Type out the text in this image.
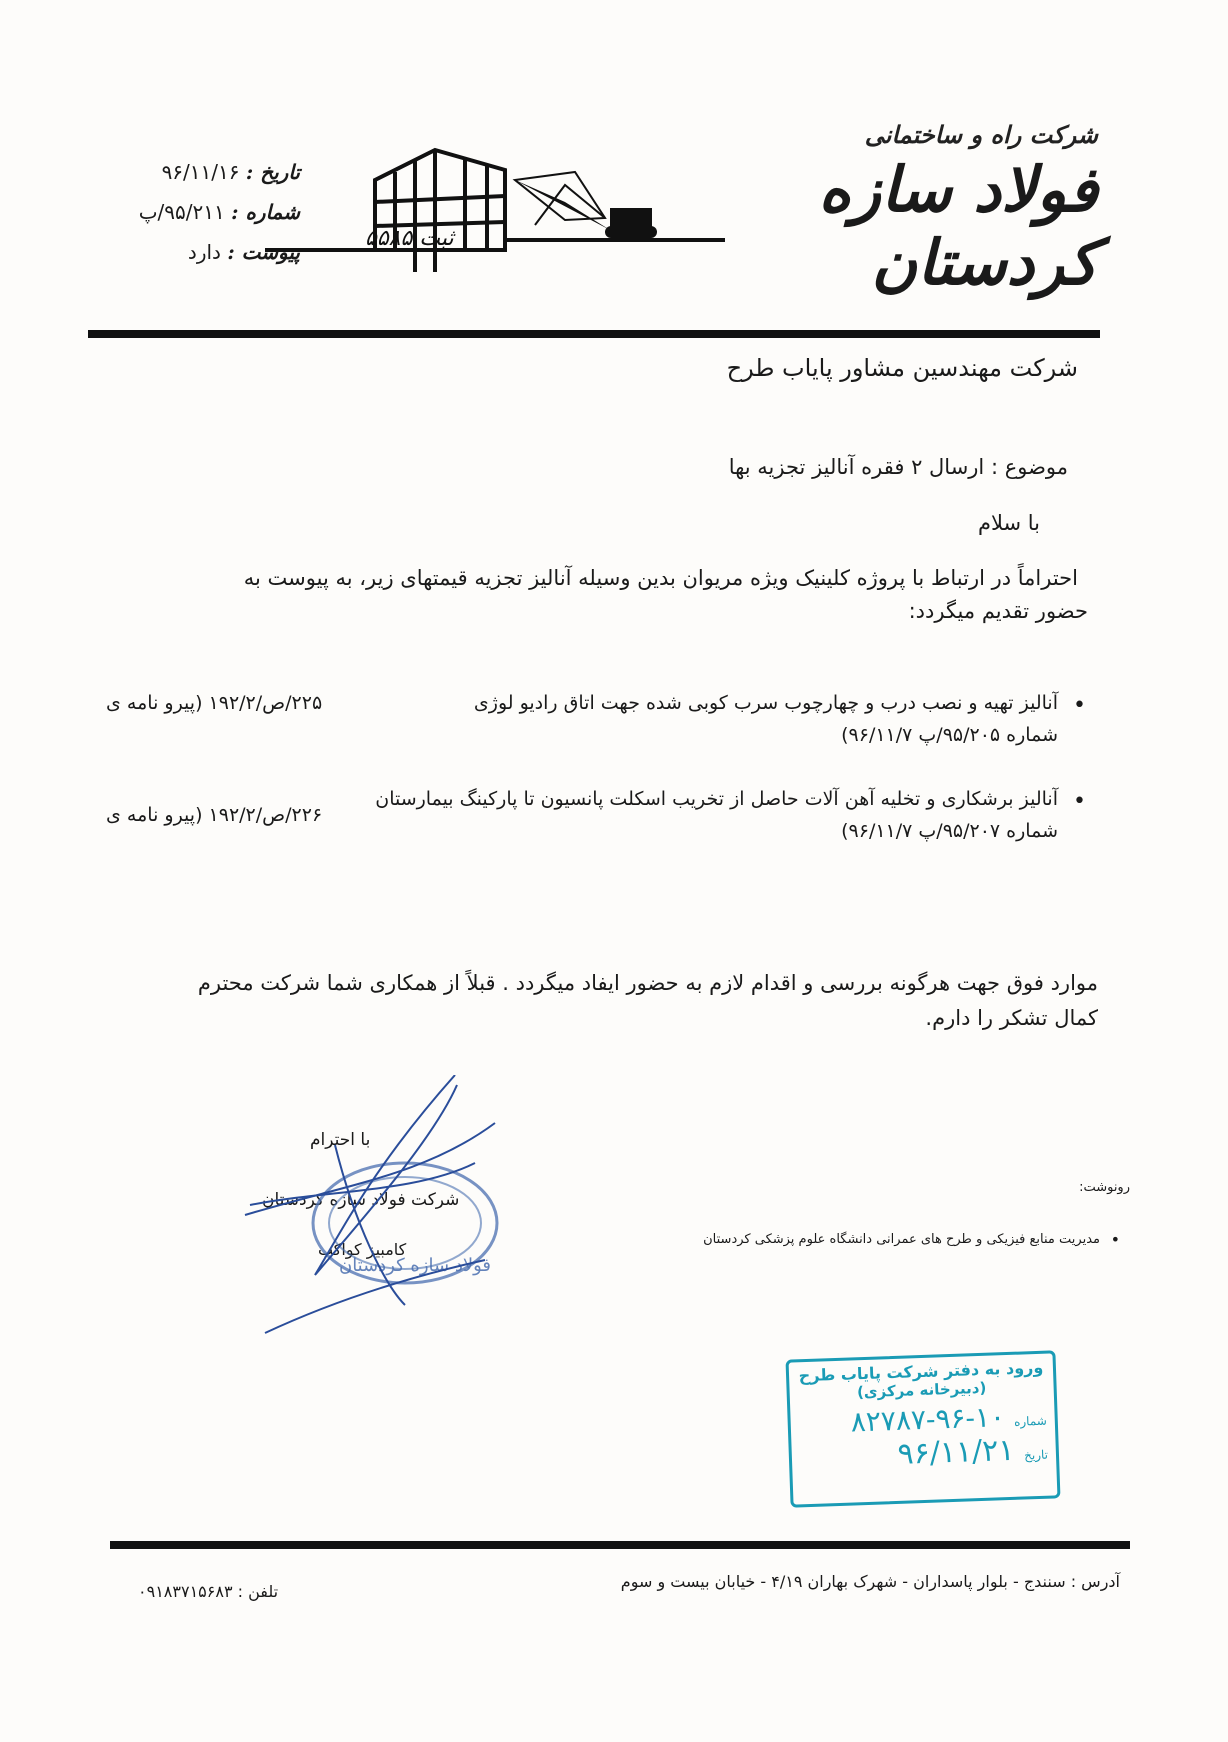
شرکت راه و ساختمانی
فولاد سازه کردستان
ثبت ۵۵۸۵
تاریخ : ۹۶/۱۱/۱۶
شماره : ۹۵/۲۱۱/پ
پیوست : دارد
شرکت مهندسین مشاور پایاب طرح
موضوع : ارسال ۲ فقره آنالیز تجزیه بها
با سلام
احتراماً در ارتباط با پروژه کلینیک ویژه مریوان بدین وسیله آنالیز تجزیه قیمتهای زیر، به پیوست به
حضور تقدیم میگردد:
•
آنالیز تهیه و نصب درب و چهارچوب سرب کوبی شده جهت اتاق رادیو لوژی
۲۲۵/ص/۱۹۲/۲ (پیرو نامه ی
شماره ۹۵/۲۰۵/پ ۹۶/۱۱/۷)
•
آنالیز برشکاری و تخلیه آهن آلات حاصل از تخریب اسکلت پانسیون تا پارکینگ بیمارستان
۲۲۶/ص/۱۹۲/۲ (پیرو نامه ی
شماره ۹۵/۲۰۷/پ ۹۶/۱۱/۷)
موارد فوق جهت هرگونه بررسی و اقدام لازم به حضور ایفاد میگردد . قبلاً از همکاری شما شرکت محترم
کمال تشکر را دارم.
با احترام
شرکت فولاد سازه کردستان
کامبیز کواکب
فولاد سازه کردستان
رونوشت:
•
مدیریت منابع فیزیکی و طرح های عمرانی دانشگاه علوم پزشکی کردستان
ورود به دفتر شرکت پایاب طرح
(دبیرخانه مرکزی)
شماره ۱۰-۹۶-۸۲۷۸۷
تاریخ ۹۶/۱۱/۲۱
آدرس : سنندج - بلوار پاسداران - شهرک بهاران ۴/۱۹ - خیابان بیست و سوم
تلفن : ۰۹۱۸۳۷۱۵۶۸۳
